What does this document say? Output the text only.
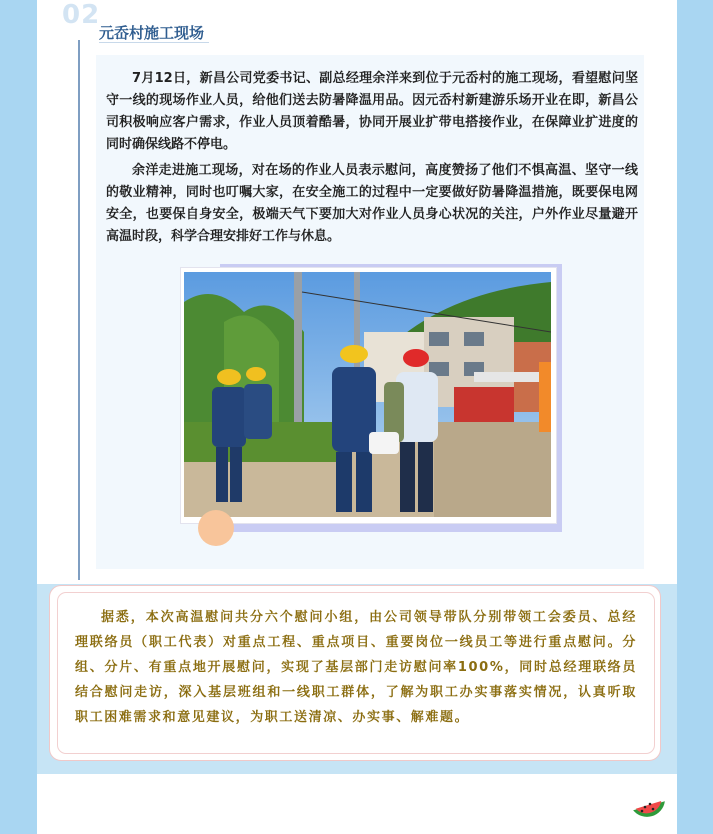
02
元岙村施工现场

7月12日，新昌公司党委书记、副总经理余洋来到位于元岙村的施工现场，看望慰问坚守一线的现场作业人员，给他们送去防暑降温用品。因元岙村新建游乐场开业在即，新昌公司积极响应客户需求，作业人员顶着酷暑，协同开展业扩带电搭接作业，在保障业扩进度的同时确保线路不停电。

余洋走进施工现场，对在场的作业人员表示慰问，高度赞扬了他们不惧高温、坚守一线的敬业精神，同时也叮嘱大家，在安全施工的过程中一定要做好防暑降温措施，既要保电网安全，也要保自身安全，极端天气下要加大对作业人员身心状况的关注，户外作业尽量避开高温时段，科学合理安排好工作与休息。

据悉，本次高温慰问共分六个慰问小组，由公司领导带队分别带领工会委员、总经理联络员（职工代表）对重点工程、重点项目、重要岗位一线员工等进行重点慰问。分组、分片、有重点地开展慰问，实现了基层部门走访慰问率100%，同时总经理联络员结合慰问走访，深入基层班组和一线职工群体，了解为职工办实事落实情况，认真听取职工困难需求和意见建议，为职工送清凉、办实事、解难题。
